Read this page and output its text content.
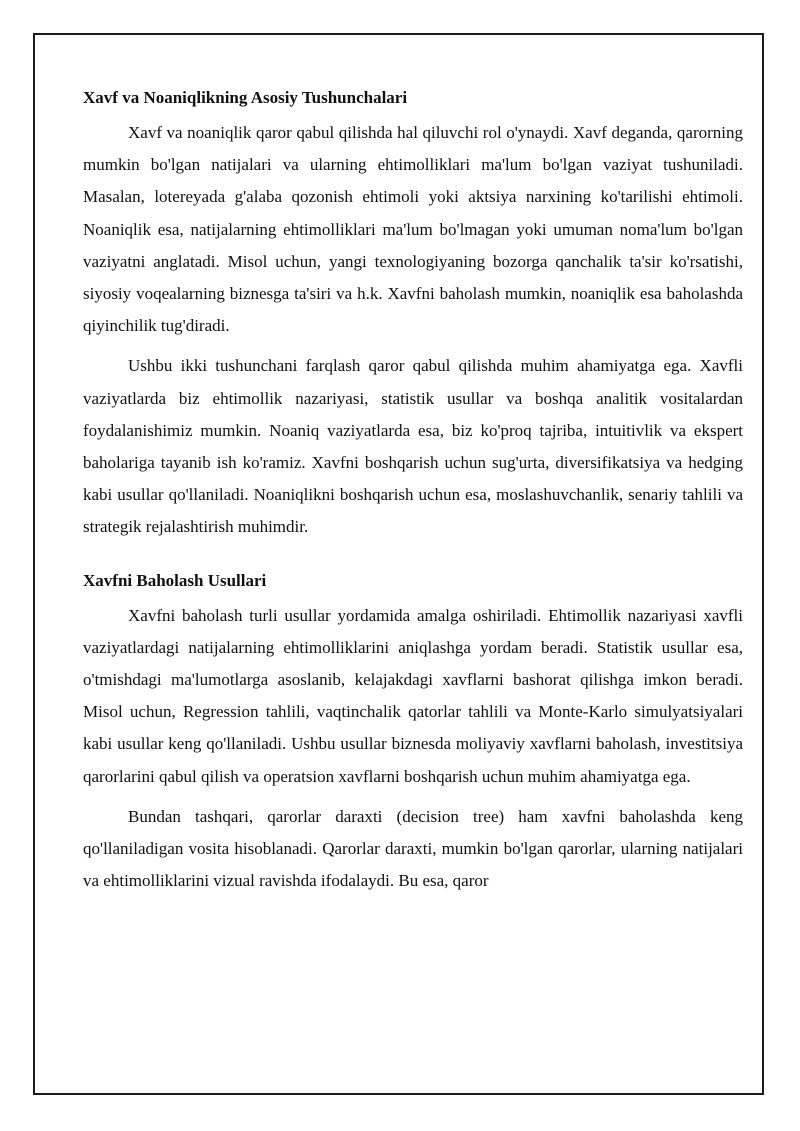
Xavf va Noaniqlikning Asosiy Tushunchalari

Xavf va noaniqlik qaror qabul qilishda hal qiluvchi rol o'ynaydi. Xavf deganda, qarorning mumkin bo'lgan natijalari va ularning ehtimolliklari ma'lum bo'lgan vaziyat tushuniladi. Masalan, lotereyada g'alaba qozonish ehtimoli yoki aktsiya narxining ko'tarilishi ehtimoli. Noaniqlik esa, natijalarning ehtimolliklari ma'lum bo'lmagan yoki umuman noma'lum bo'lgan vaziyatni anglatadi. Misol uchun, yangi texnologiyaning bozorga qanchalik ta'sir ko'rsatishi, siyosiy voqealarning biznesga ta'siri va h.k. Xavfni baholash mumkin, noaniqlik esa baholashda qiyinchilik tug'diradi.

Ushbu ikki tushunchani farqlash qaror qabul qilishda muhim ahamiyatga ega. Xavfli vaziyatlarda biz ehtimollik nazariyasi, statistik usullar va boshqa analitik vositalardan foydalanishimiz mumkin. Noaniq vaziyatlarda esa, biz ko'proq tajriba, intuitivlik va ekspert baholariga tayanib ish ko'ramiz. Xavfni boshqarish uchun sug'urta, diversifikatsiya va hedging kabi usullar qo'llaniladi. Noaniqlikni boshqarish uchun esa, moslashuvchanlik, senariy tahlili va strategik rejalashtirish muhimdir.

Xavfni Baholash Usullari

Xavfni baholash turli usullar yordamida amalga oshiriladi. Ehtimollik nazariyasi xavfli vaziyatlardagi natijalarning ehtimolliklarini aniqlashga yordam beradi. Statistik usullar esa, o'tmishdagi ma'lumotlarga asoslanib, kelajakdagi xavflarni bashorat qilishga imkon beradi. Misol uchun, Regression tahlili, vaqtinchalik qatorlar tahlili va Monte-Karlo simulyatsiyalari kabi usullar keng qo'llaniladi. Ushbu usullar biznesda moliyaviy xavflarni baholash, investitsiya qarorlarini qabul qilish va operatsion xavflarni boshqarish uchun muhim ahamiyatga ega.

Bundan tashqari, qarorlar daraxti (decision tree) ham xavfni baholashda keng qo'llaniladigan vosita hisoblanadi. Qarorlar daraxti, mumkin bo'lgan qarorlar, ularning natijalari va ehtimolliklarini vizual ravishda ifodalaydi. Bu esa, qaror
